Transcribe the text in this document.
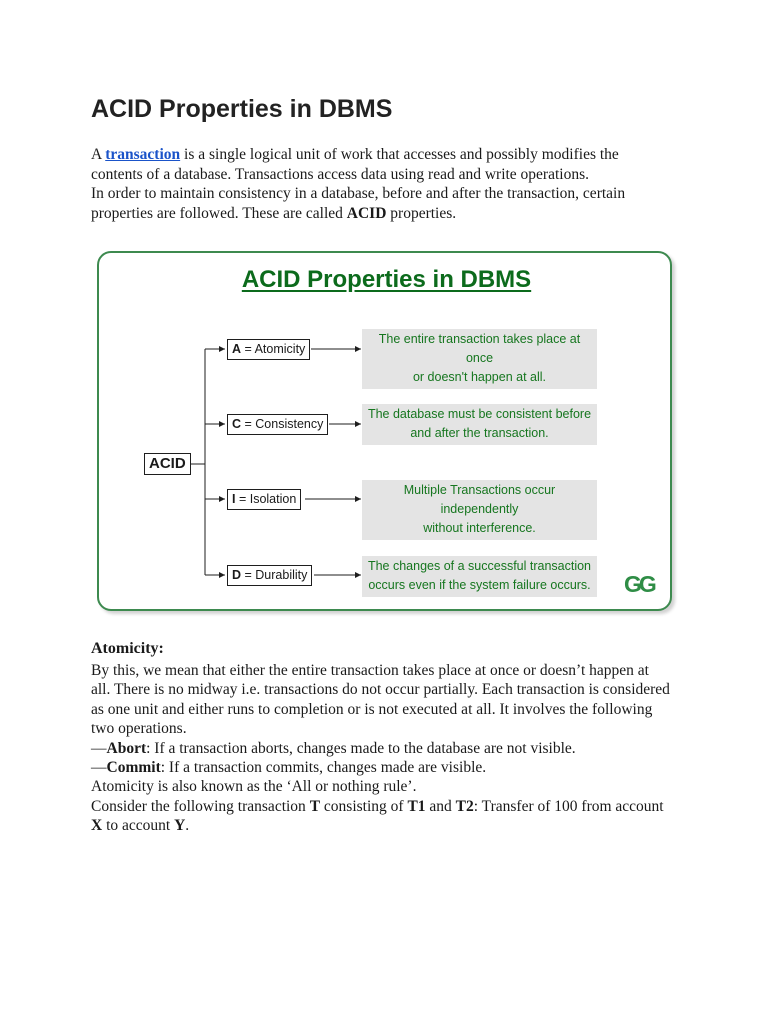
ACID Properties in DBMS

A transaction is a single logical unit of work that accesses and possibly modifies the contents of a database. Transactions access data using read and write operations.
In order to maintain consistency in a database, before and after the transaction, certain properties are followed. These are called ACID properties.

ACID Properties in DBMS
ACID
A = Atomicity
C = Consistency
I = Isolation
D = Durability
The entire transaction takes place at once
or doesn't happen at all.
The database must be consistent before
and after the transaction.
Multiple Transactions occur independently
without interference.
The changes of a successful transaction
occurs even if the system failure occurs. GG
Atomicity:

By this, we mean that either the entire transaction takes place at once or doesn’t happen at all. There is no midway i.e. transactions do not occur partially. Each transaction is considered as one unit and either runs to completion or is not executed at all. It involves the following two operations.
—Abort: If a transaction aborts, changes made to the database are not visible.
—Commit: If a transaction commits, changes made are visible.
Atomicity is also known as the ‘All or nothing rule’.
Consider the following transaction T consisting of T1 and T2: Transfer of 100 from account X to account Y.
